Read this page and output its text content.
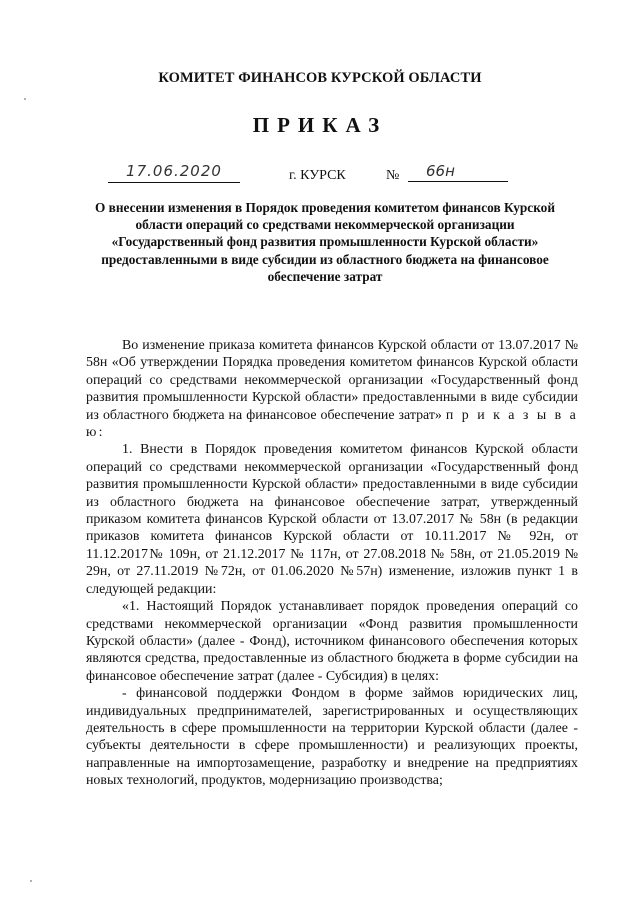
КОМИТЕТ ФИНАНСОВ КУРСКОЙ ОБЛАСТИ
ПРИКАЗ
17.06.2020	г. КУРСК	№	66н
О внесении изменения в Порядок проведения комитетом финансов Курской области операций со средствами некоммерческой организации «Государственный фонд развития промышленности Курской области» предоставленными в виде субсидии из областного бюджета на финансовое обеспечение затрат

Во изменение приказа комитета финансов Курской области от 13.07.2017 № 58н «Об утверждении Порядка проведения комитетом финансов Курской области операций со средствами некоммерческой организации «Государственный фонд развития промышленности Курской области» предоставленными в виде субсидии из областного бюджета на финансовое обеспечение затрат» п р и к а з ы в а ю:

1. Внести в Порядок проведения комитетом финансов Курской области операций со средствами некоммерческой организации «Государственный фонд развития промышленности Курской области» предоставленными в виде субсидии из областного бюджета на финансовое обеспечение затрат, утвержденный приказом комитета финансов Курской области от 13.07.2017 № 58н (в редакции приказов комитета финансов Курской области от 10.11.2017 № 92н, от 11.12.2017№ 109н, от 21.12.2017 № 117н, от 27.08.2018 № 58н, от 21.05.2019 № 29н, от 27.11.2019 №72н, от 01.06.2020 №57н) изменение, изложив пункт 1 в следующей редакции:

«1. Настоящий Порядок устанавливает порядок проведения операций со средствами некоммерческой организации «Фонд развития промышленности Курской области» (далее - Фонд), источником финансового обеспечения которых являются средства, предоставленные из областного бюджета в форме субсидии на финансовое обеспечение затрат (далее - Субсидия) в целях:

- финансовой поддержки Фондом в форме займов юридических лиц, индивидуальных предпринимателей, зарегистрированных и осуществляющих деятельность в сфере промышленности на территории Курской области (далее - субъекты деятельности в сфере промышленности) и реализующих проекты, направленные на импортозамещение, разработку и внедрение на предприятиях новых технологий, продуктов, модернизацию производства;
